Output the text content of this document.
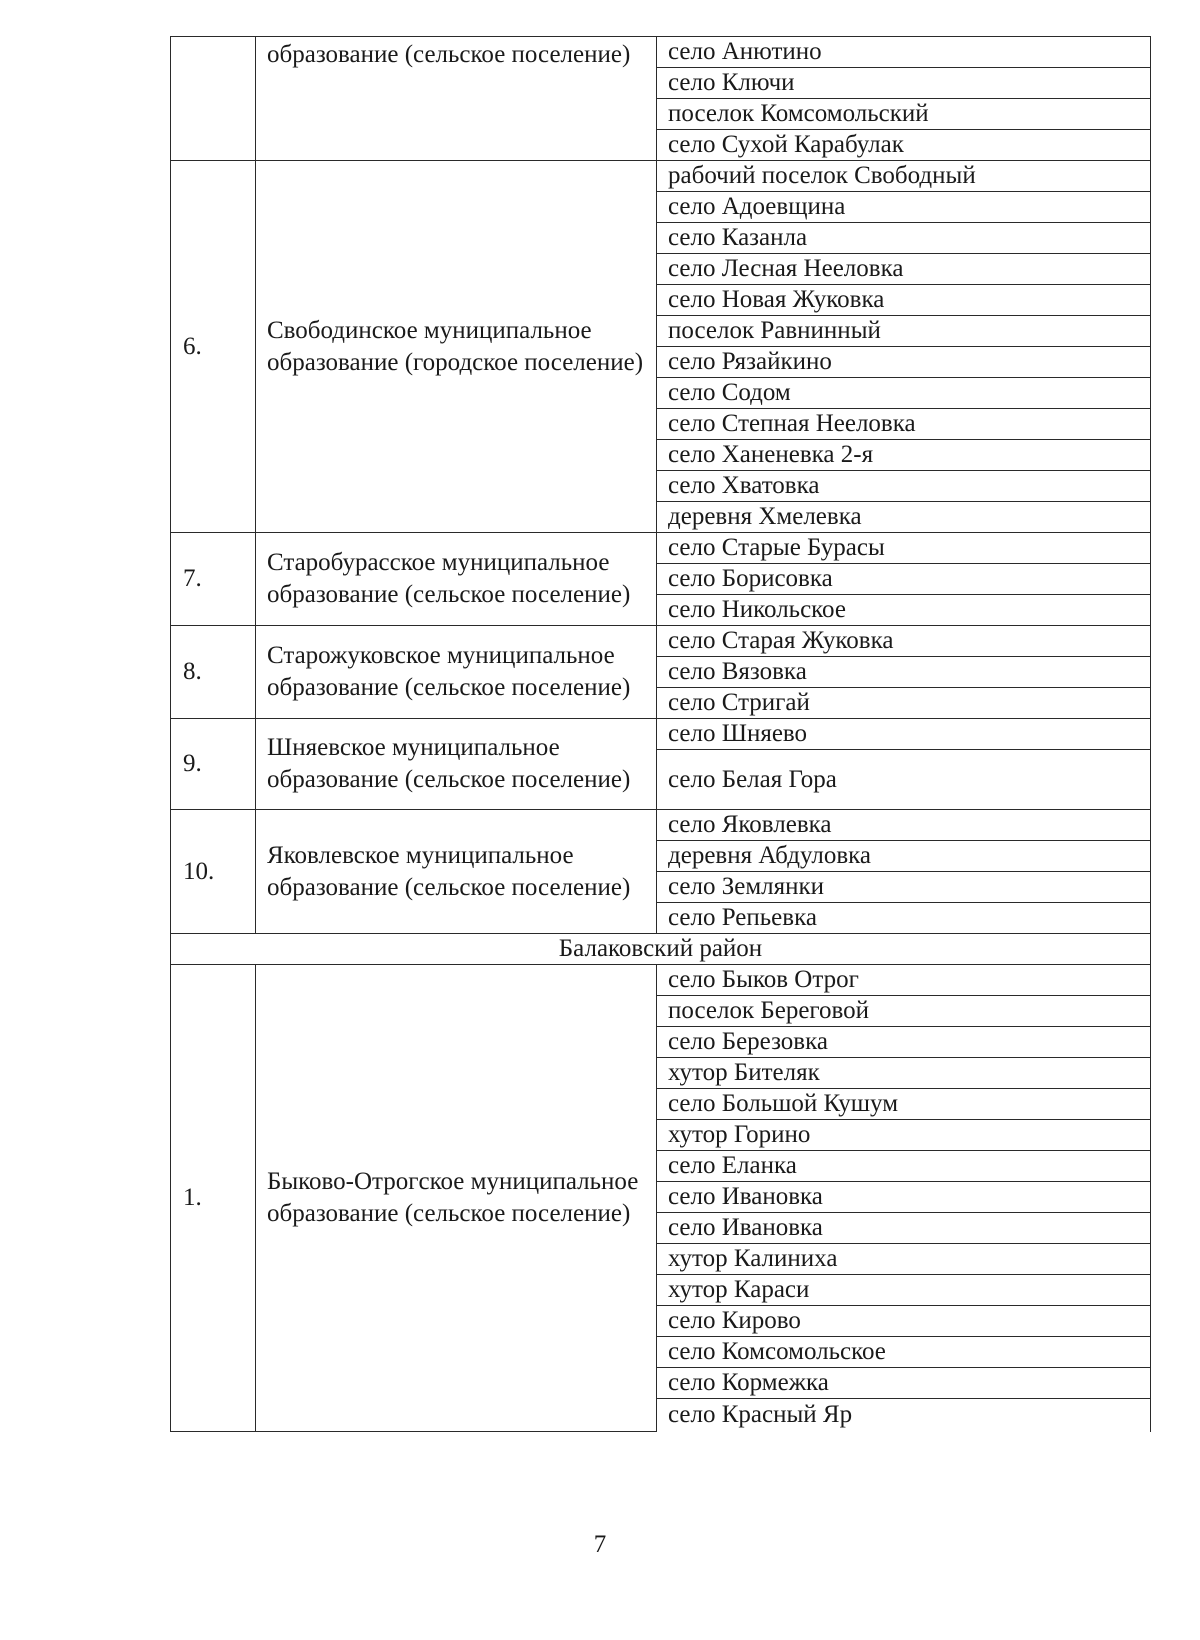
	образование (сельское поселение)	село Анютино
		село Ключи
		поселок Комсомольский
		село Сухой Карабулак
6.	Свободинское муниципальное образование (городское поселение)	рабочий поселок Свободный
		село Адоевщина
		село Казанла
		село Лесная Нееловка
		село Новая Жуковка
		поселок Равнинный
		село Рязайкино
		село Содом
		село Степная Нееловка
		село Ханеневка 2-я
		село Хватовка
		деревня Хмелевка
7.	Старобурасское муниципальное образование (сельское поселение)	село Старые Бурасы
		село Борисовка
		село Никольское
8.	Старожуковское муниципальное образование (сельское поселение)	село Старая Жуковка
		село Вязовка
		село Стригай
9.	Шняевское муниципальное образование (сельское поселение)	село Шняево
		село Белая Гора
10.	Яковлевское муниципальное образование (сельское поселение)	село Яковлевка
		деревня Абдуловка
		село Землянки
		село Репьевка
Балаковский район		
1.	Быково-Отрогское муниципальное образование (сельское поселение)	село Быков Отрог
		поселок Береговой
		село Березовка
		хутор Бителяк
		село Большой Кушум
		хутор Горино
		село Еланка
		село Ивановка
		село Ивановка
		хутор Калиниха
		хутор Караси
		село Кирово
		село Комсомольское
		село Кормежка
		село Красный Яр
7
